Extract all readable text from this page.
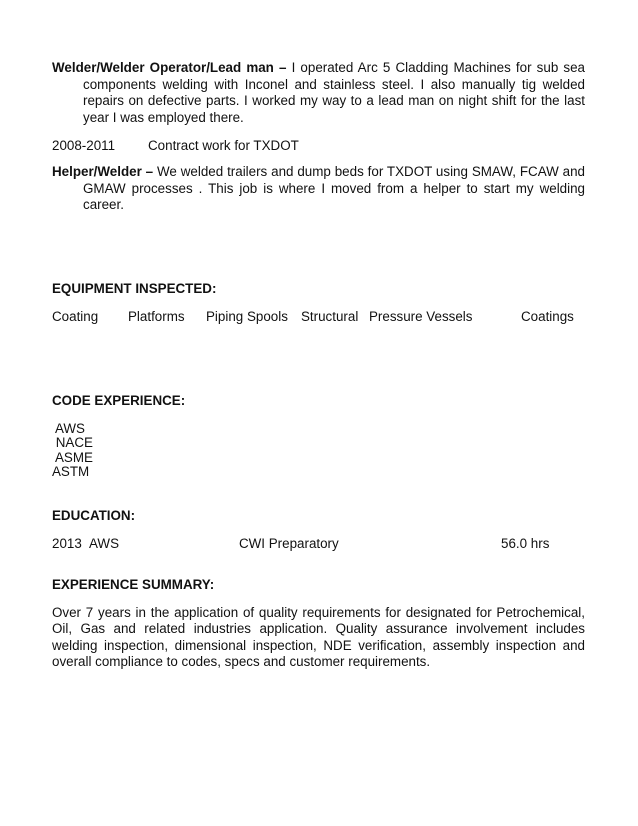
Welder/Welder Operator/Lead man – I operated Arc 5 Cladding Machines for sub sea components welding with Inconel and stainless steel. I also manually tig welded repairs on defective parts. I worked my way to a lead man on night shift for the last year I was employed there.

2008-2011 Contract work for TXDOT

Helper/Welder – We welded trailers and dump beds for TXDOT using SMAW, FCAW and GMAW processes . This job is where I moved from a helper to start my welding career.

EQUIPMENT INSPECTED:

Coating Platforms Piping Spools Structural Pressure Vessels	Coatings

CODE EXPERIENCE:

AWS
NACE
ASME
ASTM

EDUCATION:

2013 AWS	CWI Preparatory	56.0 hrs

EXPERIENCE SUMMARY:

Over 7 years in the application of quality requirements for designated for Petrochemical, Oil, Gas and related industries application. Quality assurance involvement includes welding inspection, dimensional inspection, NDE verification, assembly inspection and overall compliance to codes, specs and customer requirements.
